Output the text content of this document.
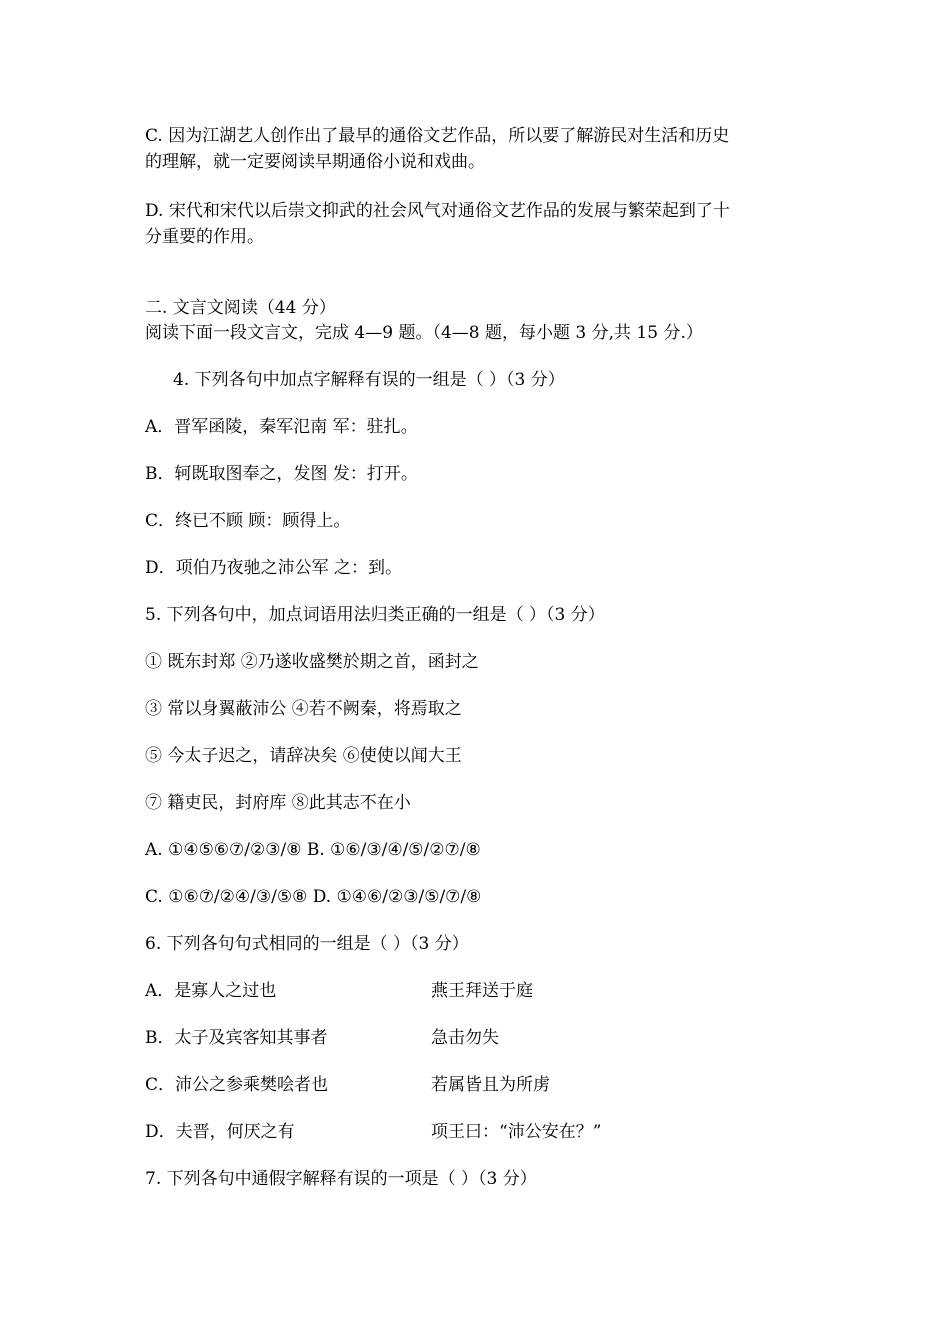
C. 因为江湖艺人创作出了最早的通俗文艺作品，所以要了解游民对生活和历史
的理解，就一定要阅读早期通俗小说和戏曲。
D. 宋代和宋代以后崇文抑武的社会风气对通俗文艺作品的发展与繁荣起到了十
分重要的作用。
二. 文言文阅读（44 分）
阅读下面一段文言文，完成 4—9 题。（4—8 题，每小题 3 分,共 15 分.）
4. 下列各句中加点字解释有误的一组是（ ）（3 分）
A．晋军函陵，秦军氾南 军：驻扎。
B．轲既取图奉之，发图 发：打开。
C．终已不顾 顾：顾得上。
D．项伯乃夜驰之沛公军 之：到。
5. 下列各句中，加点词语用法归类正确的一组是（ ）（3 分）
① 既东封郑 ②乃遂收盛樊於期之首，函封之
③ 常以身翼蔽沛公 ④若不阙秦，将焉取之
⑤ 今太子迟之，请辞决矣 ⑥使使以闻大王
⑦ 籍吏民，封府库 ⑧此其志不在小
A. ①④⑤⑥⑦/②③/⑧ B. ①⑥/③/④/⑤/②⑦/⑧
C. ①⑥⑦/②④/③/⑤⑧ D. ①④⑥/②③/⑤/⑦/⑧
6. 下列各句句式相同的一组是（ ）（3 分）
A．是寡人之过也	燕王拜送于庭
B．太子及宾客知其事者	急击勿失
C．沛公之参乘樊哙者也	若属皆且为所虏
D．夫晋，何厌之有	项王曰：“沛公安在？”
7. 下列各句中通假字解释有误的一项是（ ）（3 分）
